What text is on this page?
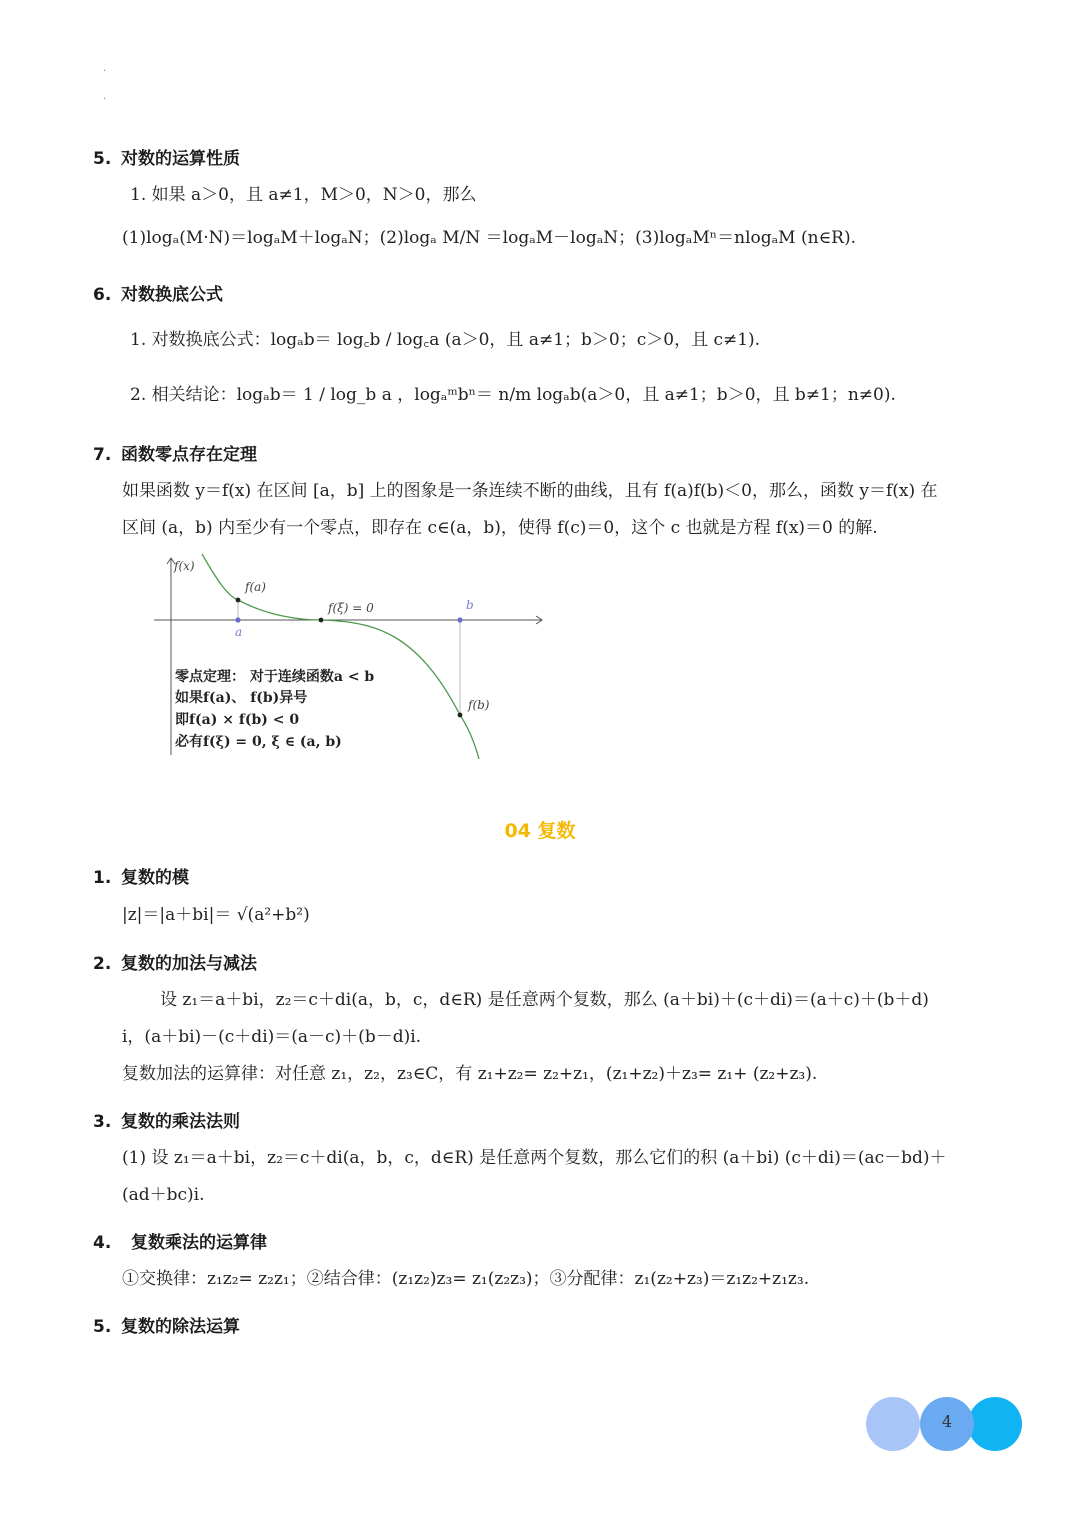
·
·
5. 对数的运算性质
1. 如果 a＞0，且 a≠1，M＞0，N＞0，那么
(1)logₐ(M·N)＝logₐM＋logₐN；(2)logₐ M/N ＝logₐM－logₐN；(3)logₐMⁿ＝nlogₐM (n∈R).
6. 对数换底公式
1. 对数换底公式：logₐb＝ log꜀b / log꜀a (a＞0，且 a≠1；b＞0；c＞0，且 c≠1).
2. 相关结论：logₐb＝ 1 / log_b a ，logₐᵐbⁿ＝ n/m logₐb(a＞0，且 a≠1；b＞0，且 b≠1；n≠0).
7. 函数零点存在定理
如果函数 y＝f(x) 在区间 [a，b] 上的图象是一条连续不断的曲线，且有 f(a)f(b)＜0，那么，函数 y＝f(x) 在
区间 (a，b) 内至少有一个零点，即存在 c∈(a，b)，使得 f(c)＝0，这个 c 也就是方程 f(x)＝0 的解.
f(x)
f(a)
f(ξ) = 0	b
a
f(b)
零点定理： 对于连续函数a < b
如果f(a)、 f(b)异号
即f(a) × f(b) < 0
必有f(ξ) = 0, ξ ∈ (a, b)
04 复数
1. 复数的模
|z|＝|a＋bi|＝ √(a²+b²)
2. 复数的加法与减法
设 z₁＝a＋bi，z₂＝c＋di(a，b，c，d∈R) 是任意两个复数，那么 (a＋bi)＋(c＋di)＝(a＋c)＋(b＋d)
i，(a＋bi)－(c＋di)＝(a－c)＋(b－d)i.
复数加法的运算律：对任意 z₁，z₂，z₃∈C，有 z₁+z₂= z₂+z₁，(z₁+z₂)＋z₃= z₁+ (z₂+z₃).
3. 复数的乘法法则
(1) 设 z₁＝a＋bi，z₂＝c＋di(a，b，c，d∈R) 是任意两个复数，那么它们的积 (a＋bi) (c＋di)＝(ac－bd)＋
(ad＋bc)i.
4. 复数乘法的运算律
①交换律：z₁z₂= z₂z₁；②结合律：(z₁z₂)z₃= z₁(z₂z₃)；③分配律：z₁(z₂+z₃)＝z₁z₂+z₁z₃.
5. 复数的除法运算
4
